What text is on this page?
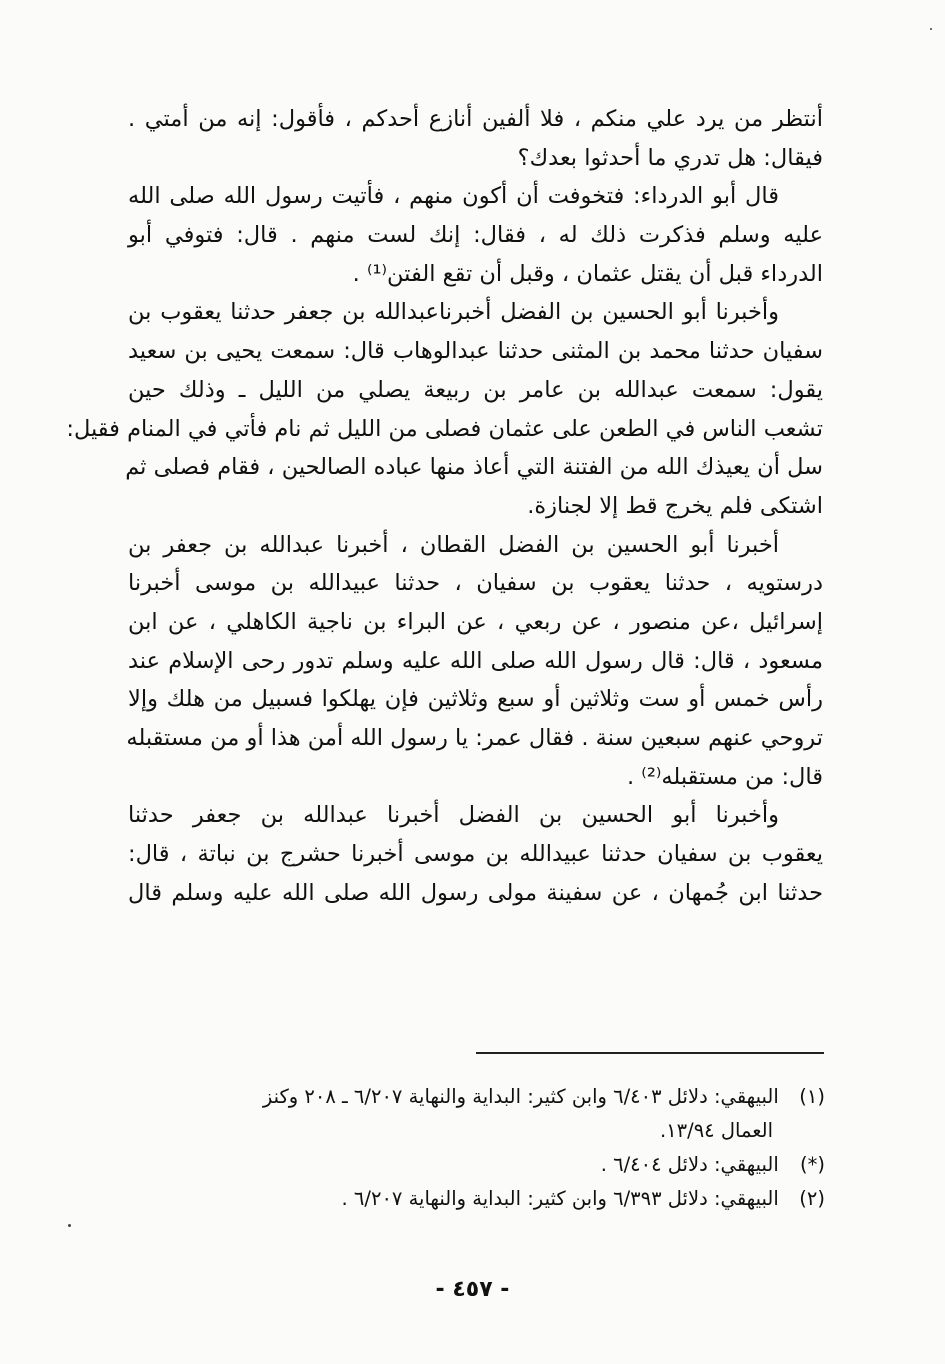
أنتظر من يرد علي منكم ، فلا ألفين أنازع أحدكم ، فأقول: إنه من أمتي .
فيقال: هل تدري ما أحدثوا بعدك؟
قال أبو الدرداء: فتخوفت أن أكون منهم ، فأتيت رسول الله صلى الله
عليه وسلم فذكرت ذلك له ، فقال: إنك لست منهم . قال: فتوفي أبو
الدرداء قبل أن يقتل عثمان ، وقبل أن تقع الفتن⁽¹⁾ .
وأخبرنا أبو الحسين بن الفضل أخبرناعبدالله بن جعفر حدثنا يعقوب بن
سفيان حدثنا محمد بن المثنى حدثنا عبدالوهاب قال: سمعت يحيى بن سعيد
يقول: سمعت عبدالله بن عامر بن ربيعة يصلي من الليل ـ وذلك حين
تشعب الناس في الطعن على عثمان فصلى من الليل ثم نام فأتي في المنام فقيل:
سل أن يعيذك الله من الفتنة التي أعاذ منها عباده الصالحين ، فقام فصلى ثم
اشتكى فلم يخرج قط إلا لجنازة.
أخبرنا أبو الحسين بن الفضل القطان ، أخبرنا عبدالله بن جعفر بن
درستويه ، حدثنا يعقوب بن سفيان ، حدثنا عبيدالله بن موسى أخبرنا
إسرائيل ،عن منصور ، عن ربعي ، عن البراء بن ناجية الكاهلي ، عن ابن
مسعود ، قال: قال رسول الله صلى الله عليه وسلم تدور رحى الإسلام عند
رأس خمس أو ست وثلاثين أو سبع وثلاثين فإن يهلكوا فسبيل من هلك وإلا
تروحي عنهم سبعين سنة . فقال عمر: يا رسول الله أمن هذا أو من مستقبله
قال: من مستقبله⁽²⁾ .
وأخبرنا أبو الحسين بن الفضل أخبرنا عبدالله بن جعفر حدثنا
يعقوب بن سفيان حدثنا عبيدالله بن موسى أخبرنا حشرج بن نباتة ، قال:
حدثنا ابن جُمهان ، عن سفينة مولى رسول الله صلى الله عليه وسلم قال
(١) البيهقي: دلائل ٦/٤٠٣ وابن كثير: البداية والنهاية ٦/٢٠٧ ـ ٢٠٨ وكنز
العمال ١٣/٩٤.
(*) البيهقي: دلائل ٦/٤٠٤ .
(٢) البيهقي: دلائل ٦/٣٩٣ وابن كثير: البداية والنهاية ٦/٢٠٧ .
- ٤٥٧ -
